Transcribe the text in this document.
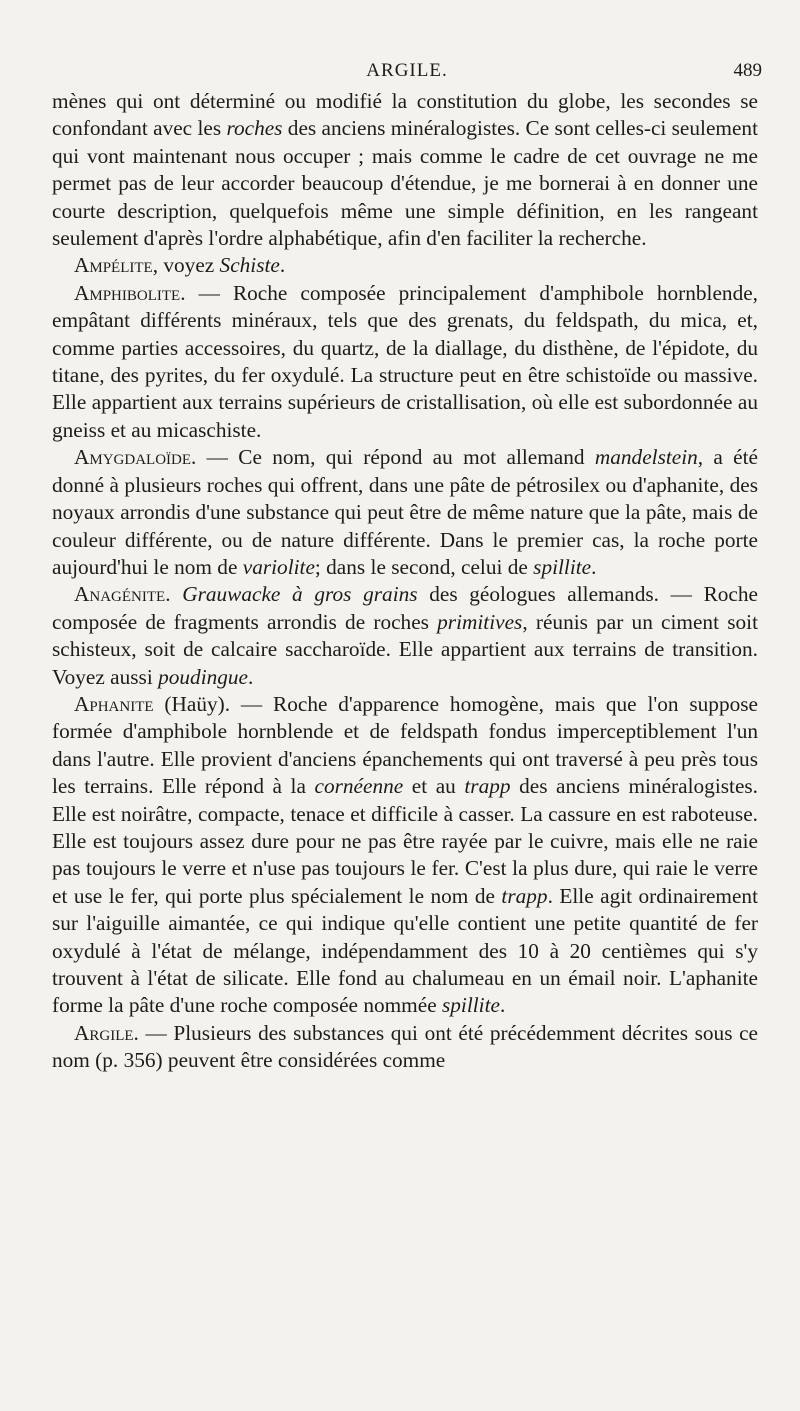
ARGILE.	489

mènes qui ont déterminé ou modifié la constitution du globe, les secondes se confondant avec les roches des anciens minéralogistes. Ce sont celles-ci seulement qui vont maintenant nous occuper ; mais comme le cadre de cet ouvrage ne me permet pas de leur accorder beaucoup d'étendue, je me bornerai à en donner une courte description, quelquefois même une simple définition, en les rangeant seulement d'après l'ordre alphabétique, afin d'en faciliter la recherche.

Ampélite, voyez Schiste.

Amphibolite. — Roche composée principalement d'amphibole hornblende, empâtant différents minéraux, tels que des grenats, du feldspath, du mica, et, comme parties accessoires, du quartz, de la diallage, du disthène, de l'épidote, du titane, des pyrites, du fer oxydulé. La structure peut en être schistoïde ou massive. Elle appartient aux terrains supérieurs de cristallisation, où elle est subordonnée au gneiss et au micaschiste.

Amygdaloïde. — Ce nom, qui répond au mot allemand mandelstein, a été donné à plusieurs roches qui offrent, dans une pâte de pétrosilex ou d'aphanite, des noyaux arrondis d'une substance qui peut être de même nature que la pâte, mais de couleur différente, ou de nature différente. Dans le premier cas, la roche porte aujourd'hui le nom de variolite; dans le second, celui de spillite.

Anagénite. Grauwacke à gros grains des géologues allemands. — Roche composée de fragments arrondis de roches primitives, réunis par un ciment soit schisteux, soit de calcaire saccharoïde. Elle appartient aux terrains de transition. Voyez aussi poudingue.

Aphanite (Haüy). — Roche d'apparence homogène, mais que l'on suppose formée d'amphibole hornblende et de feldspath fondus imperceptiblement l'un dans l'autre. Elle provient d'anciens épanchements qui ont traversé à peu près tous les terrains. Elle répond à la cornéenne et au trapp des anciens minéralogistes. Elle est noirâtre, compacte, tenace et difficile à casser. La cassure en est raboteuse. Elle est toujours assez dure pour ne pas être rayée par le cuivre, mais elle ne raie pas toujours le verre et n'use pas toujours le fer. C'est la plus dure, qui raie le verre et use le fer, qui porte plus spécialement le nom de trapp. Elle agit ordinairement sur l'aiguille aimantée, ce qui indique qu'elle contient une petite quantité de fer oxydulé à l'état de mélange, indépendamment des 10 à 20 centièmes qui s'y trouvent à l'état de silicate. Elle fond au chalumeau en un émail noir. L'aphanite forme la pâte d'une roche composée nommée spillite.

Argile. — Plusieurs des substances qui ont été précédemment décrites sous ce nom (p. 356) peuvent être considérées comme
